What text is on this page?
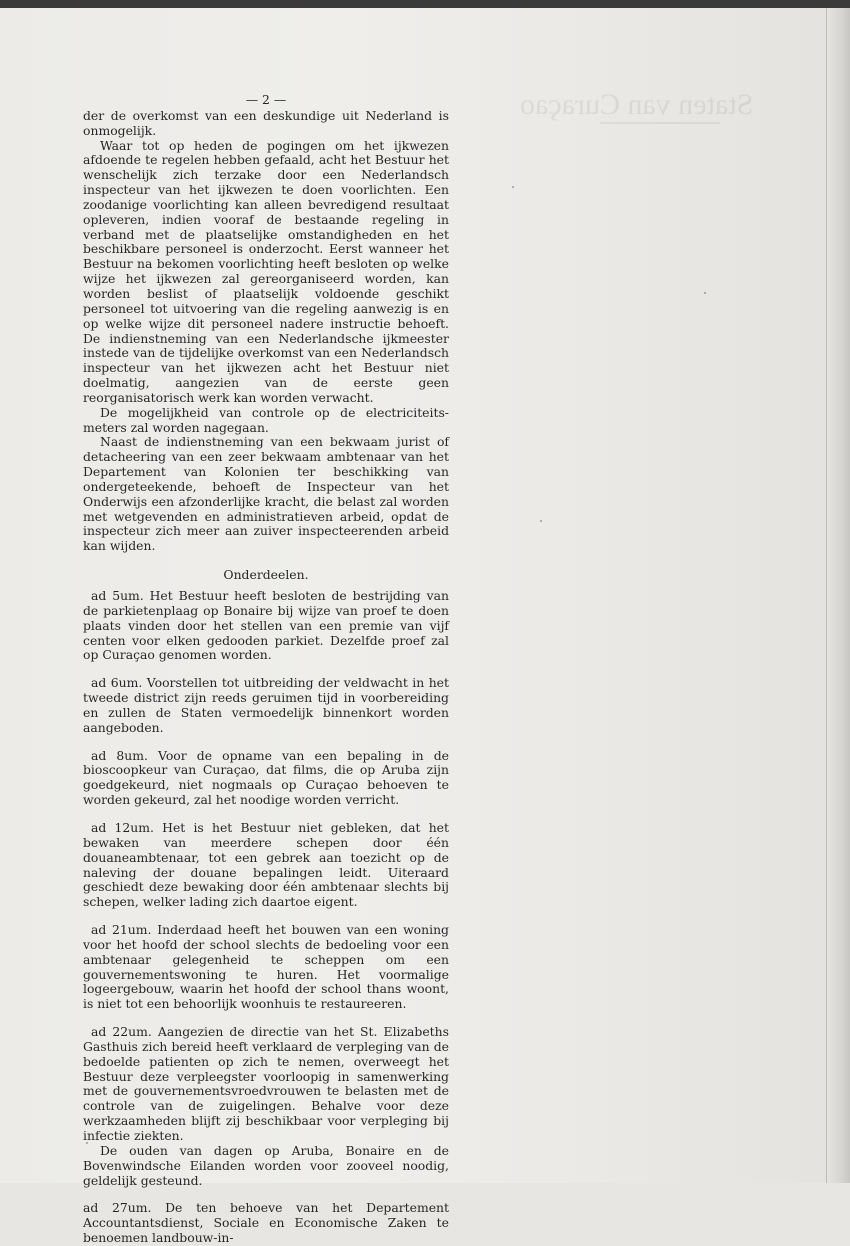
Staten van Curaçao
— 2 —

der de overkomst van een deskundige uit Nederland is onmogelijk.

Waar tot op heden de pogingen om het ijkwezen afdoende te regelen hebben gefaald, acht het Bestuur het wenschelijk zich terzake door een Nederlandsch inspecteur van het ijkwezen te doen voorlichten. Een zoodanige voorlichting kan alleen bevredigend resultaat opleveren, indien vooraf de bestaande regeling in verband met de plaatselijke omstandigheden en het beschikbare personeel is onderzocht. Eerst wanneer het Bestuur na bekomen voorlichting heeft besloten op welke wijze het ijkwezen zal gereorganiseerd worden, kan worden beslist of plaatselijk voldoende geschikt personeel tot uitvoering van die regeling aanwezig is en op welke wijze dit personeel nadere instructie behoeft. De indienstneming van een Nederlandsche ijkmeester instede van de tijdelijke overkomst van een Nederlandsch inspecteur van het ijkwezen acht het Bestuur niet doelmatig, aangezien van de eerste geen reorganisatorisch werk kan worden verwacht.

De mogelijkheid van controle op de electriciteits-meters zal worden nagegaan.

Naast de indienstneming van een bekwaam jurist of detacheering van een zeer bekwaam ambtenaar van het Departement van Kolonien ter beschikking van ondergeteekende, behoeft de Inspecteur van het Onderwijs een afzonderlijke kracht, die belast zal worden met wetgevenden en administratieven arbeid, opdat de inspecteur zich meer aan zuiver inspecteerenden arbeid kan wijden.

Onderdeelen.

ad 5um. Het Bestuur heeft besloten de bestrijding van de parkietenplaag op Bonaire bij wijze van proef te doen plaats vinden door het stellen van een premie van vijf centen voor elken gedooden parkiet. Dezelfde proef zal op Curaçao genomen worden.

ad 6um. Voorstellen tot uitbreiding der veldwacht in het tweede district zijn reeds geruimen tijd in voorbereiding en zullen de Staten vermoedelijk binnenkort worden aangeboden.

ad 8um. Voor de opname van een bepaling in de bioscoopkeur van Curaçao, dat films, die op Aruba zijn goedgekeurd, niet nogmaals op Curaçao behoeven te worden gekeurd, zal het noodige worden verricht.

ad 12um. Het is het Bestuur niet gebleken, dat het bewaken van meerdere schepen door één douaneambtenaar, tot een gebrek aan toezicht op de naleving der douane bepalingen leidt. Uiteraard geschiedt deze bewaking door één ambtenaar slechts bij schepen, welker lading zich daartoe eigent.

ad 21um. Inderdaad heeft het bouwen van een woning voor het hoofd der school slechts de bedoeling voor een ambtenaar gelegenheid te scheppen om een gouvernementswoning te huren. Het voormalige logeergebouw, waarin het hoofd der school thans woont, is niet tot een behoorlijk woonhuis te restaureeren.

ad 22um. Aangezien de directie van het St. Elizabeths Gasthuis zich bereid heeft verklaard de verpleging van de bedoelde patienten op zich te nemen, overweegt het Bestuur deze verpleegster voorloopig in samenwerking met de gouvernementsvroedvrouwen te belasten met de controle van de zuigelingen. Behalve voor deze werkzaamheden blijft zij beschikbaar voor verpleging bij infectie ziekten.

De ouden van dagen op Aruba, Bonaire en de Bovenwindsche Eilanden worden voor zooveel noodig, geldelijk gesteund.

ad 27um. De ten behoeve van het Departement Accountantsdienst, Sociale en Economische Zaken te benoemen landbouw-in-
